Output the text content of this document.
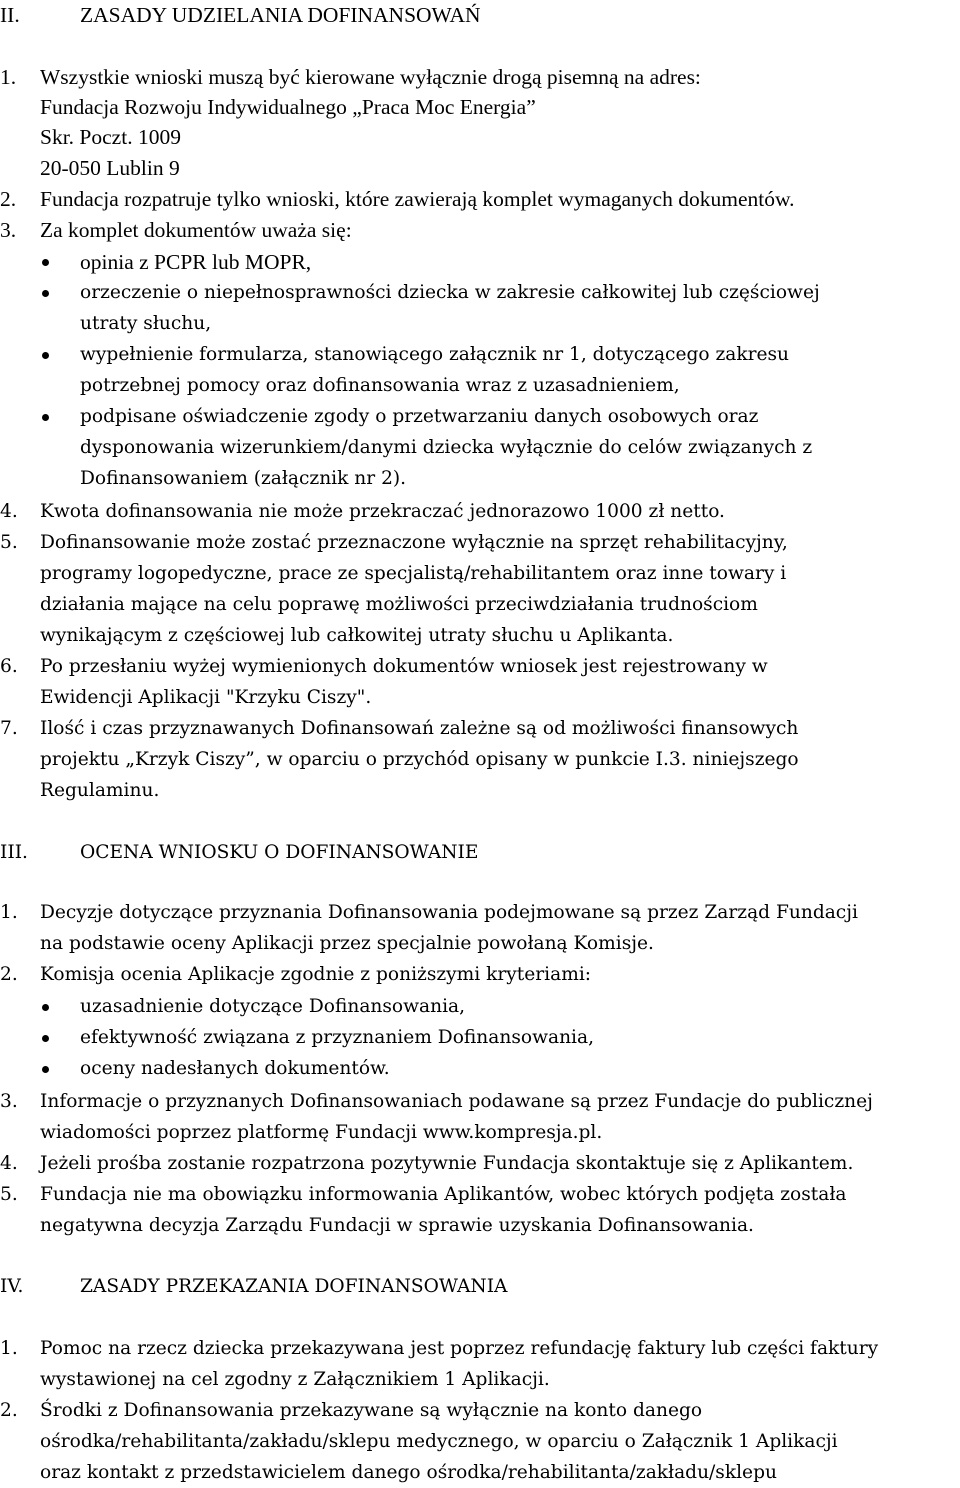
II.	ZASADY UDZIELANIA DOFINANSOWAŃ
1. Wszystkie wnioski muszą być kierowane wyłącznie drogą pisemną na adres:
Fundacja Rozwoju Indywidualnego „Praca Moc Energia”
Skr. Poczt. 1009
20-050 Lublin 9
2. Fundacja rozpatruje tylko wnioski, które zawierają komplet wymaganych dokumentów.
3. Za komplet dokumentów uważa się:
opinia z PCPR lub MOPR,
orzeczenie o niepełnosprawności dziecka w zakresie całkowitej lub częściowej
utraty słuchu,
wypełnienie formularza, stanowiącego załącznik nr 1, dotyczącego zakresu
potrzebnej pomocy oraz dofinansowania wraz z uzasadnieniem,
podpisane oświadczenie zgody o przetwarzaniu danych osobowych oraz
dysponowania wizerunkiem/danymi dziecka wyłącznie do celów związanych z
Dofinansowaniem (załącznik nr 2).
4. Kwota dofinansowania nie może przekraczać jednorazowo 1000 zł netto.
5. Dofinansowanie może zostać przeznaczone wyłącznie na sprzęt rehabilitacyjny,
programy logopedyczne, prace ze specjalistą/rehabilitantem oraz inne towary i
działania mające na celu poprawę możliwości przeciwdziałania trudnościom
wynikającym z częściowej lub całkowitej utraty słuchu u Aplikanta.
6. Po przesłaniu wyżej wymienionych dokumentów wniosek jest rejestrowany w
Ewidencji Aplikacji "Krzyku Ciszy".
7. Ilość i czas przyznawanych Dofinansowań zależne są od możliwości finansowych
projektu „Krzyk Ciszy”, w oparciu o przychód opisany w punkcie I.3. niniejszego
Regulaminu.
III.	OCENA WNIOSKU O DOFINANSOWANIE
1. Decyzje dotyczące przyznania Dofinansowania podejmowane są przez Zarząd Fundacji
na podstawie oceny Aplikacji przez specjalnie powołaną Komisje.
2. Komisja ocenia Aplikacje zgodnie z poniższymi kryteriami:
uzasadnienie dotyczące Dofinansowania,
efektywność związana z przyznaniem Dofinansowania,
oceny nadesłanych dokumentów.
3. Informacje o przyznanych Dofinansowaniach podawane są przez Fundacje do publicznej
wiadomości poprzez platformę Fundacji www.kompresja.pl.
4. Jeżeli prośba zostanie rozpatrzona pozytywnie Fundacja skontaktuje się z Aplikantem.
5. Fundacja nie ma obowiązku informowania Aplikantów, wobec których podjęta została
negatywna decyzja Zarządu Fundacji w sprawie uzyskania Dofinansowania.
IV.	ZASADY PRZEKAZANIA DOFINANSOWANIA
1. Pomoc na rzecz dziecka przekazywana jest poprzez refundację faktury lub części faktury
wystawionej na cel zgodny z Załącznikiem 1 Aplikacji.
2. Środki z Dofinansowania przekazywane są wyłącznie na konto danego
ośrodka/rehabilitanta/zakładu/sklepu medycznego, w oparciu o Załącznik 1 Aplikacji
oraz kontakt z przedstawicielem danego ośrodka/rehabilitanta/zakładu/sklepu
